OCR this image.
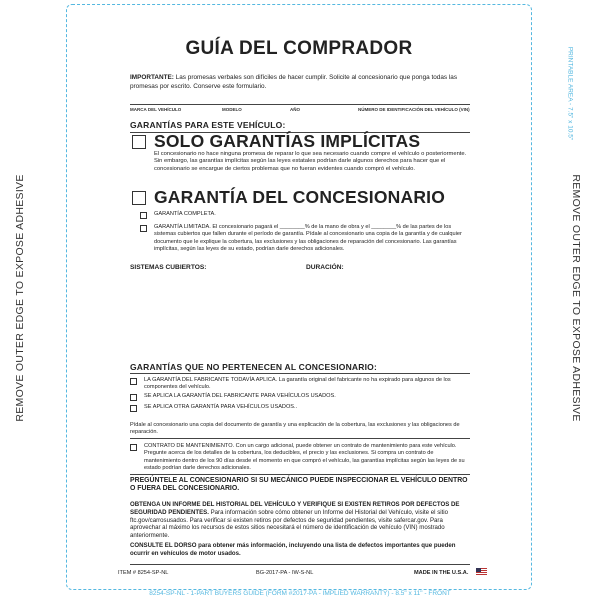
REMOVE OUTER EDGE TO EXPOSE ADHESIVE	REMOVE OUTER EDGE TO EXPOSE ADHESIVE
PRINTABLE AREA - 7.5" x 10.5"
8254-SP-NL - 1-PART BUYERS GUIDE (FORM #2017-PA - IMPLIED WARRANTY) - 8.5" x 11" - FRONT
GUÍA DEL COMPRADOR
IMPORTANTE: Las promesas verbales son difíciles de hacer cumplir. Solicite al concesionario que ponga todas las promesas por escrito. Conserve este formulario.
MARCA DEL VEHÍCULO	MODELO	AÑO	NÚMERO DE IDENTIFICACIÓN DEL VEHÍCULO (VIN)
GARANTÍAS PARA ESTE VEHÍCULO:
SOLO GARANTÍAS IMPLÍCITAS
El concesionario no hace ninguna promesa de reparar lo que sea necesario cuando compre el vehículo o posteriormente. Sin embargo, las garantías implícitas según las leyes estatales podrían darle algunos derechos para hacer que el concesionario se encargue de ciertos problemas que no fueran evidentes cuando compró el vehículo.
GARANTÍA DEL CONCESIONARIO
GARANTÍA COMPLETA.
GARANTÍA LIMITADA. El concesionario pagará el ________% de la mano de obra y el ________% de las partes de los sistemas cubiertos que fallen durante el período de garantía. Pídale al concesionario una copia de la garantía y de cualquier documento que le explique la cobertura, las exclusiones y las obligaciones de reparación del concesionario. Las garantías implícitas, según las leyes de su estado, podrían darle derechos adicionales.
SISTEMAS CUBIERTOS:	DURACIÓN:
GARANTÍAS QUE NO PERTENECEN AL CONCESIONARIO:
LA GARANTÍA DEL FABRICANTE TODAVÍA APLICA. La garantía original del fabricante no ha expirado para algunos de los componentes del vehículo.
SE APLICA LA GARANTÍA DEL FABRICANTE PARA VEHÍCULOS USADOS.
SE APLICA OTRA GARANTÍA PARA VEHÍCULOS USADOS..
Pídale al concesionario una copia del documento de garantía y una explicación de la cobertura, las exclusiones y las obligaciones de reparación.
CONTRATO DE MANTENIMIENTO. Con un cargo adicional, puede obtener un contrato de mantenimiento para este vehículo. Pregunte acerca de los detalles de la cobertura, los deducibles, el precio y las exclusiones. Si compra un contrato de mantenimiento dentro de los 90 días desde el momento en que compró el vehículo, las garantías implícitas según las leyes de su estado podrían darle derechos adicionales.
PREGÚNTELE AL CONCESIONARIO SI SU MECÁNICO PUEDE INSPECCIONAR EL VEHÍCULO DENTRO O FUERA DEL CONCESIONARIO.
OBTENGA UN INFORME DEL HISTORIAL DEL VEHÍCULO Y VERIFIQUE SI EXISTEN RETIROS POR DEFECTOS DE SEGURIDAD PENDIENTES. Para información sobre cómo obtener un Informe del Historial del Vehículo, visite el sitio ftc.gov/carrosusados. Para verificar si existen retiros por defectos de seguridad pendientes, visite safercar.gov. Para aprovechar al máximo los recursos de estos sitios necesitará el número de identificación de vehículo (VIN) mostrado anteriormente.
CONSULTE EL DORSO para obtener más información, incluyendo una lista de defectos importantes que pueden ocurrir en vehículos de motor usados.
ITEM # 8254-SP-NL	BG-2017-PA - IW-S-NL	MADE IN THE U.S.A.
